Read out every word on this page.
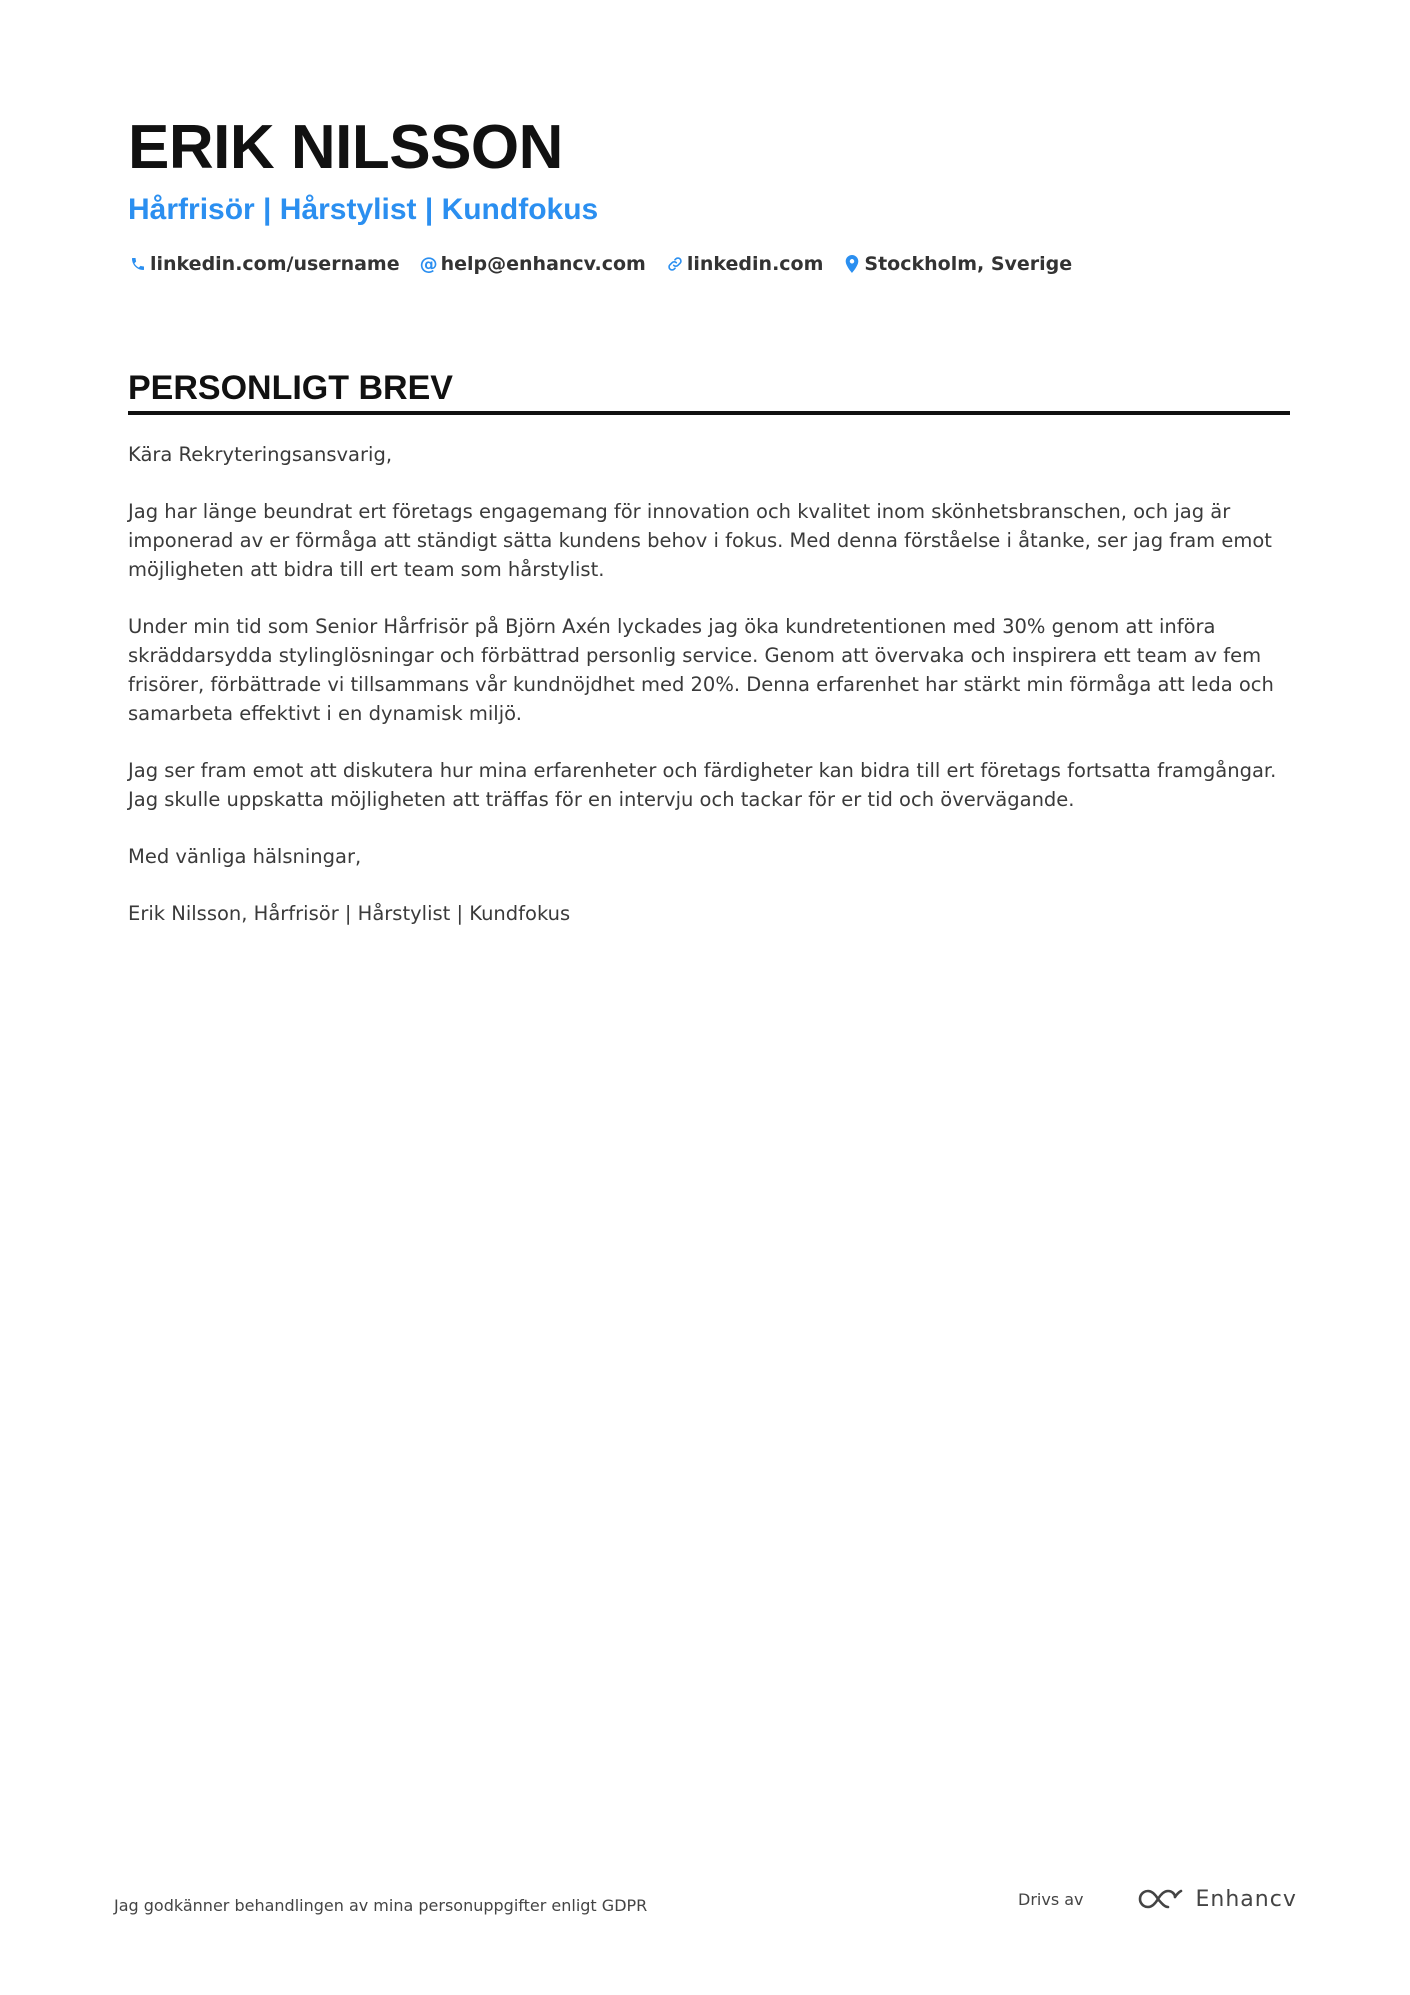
ERIK NILSSON
Hårfrisör | Hårstylist | Kundfokus
linkedin.com/username @ help@enhancv.com linkedin.com Stockholm, Sverige
PERSONLIGT BREV

Kära Rekryteringsansvarig,

Jag har länge beundrat ert företags engagemang för innovation och kvalitet inom skönhetsbranschen, och jag är imponerad av er förmåga att ständigt sätta kundens behov i fokus. Med denna förståelse i åtanke, ser jag fram emot möjligheten att bidra till ert team som hårstylist.

Under min tid som Senior Hårfrisör på Björn Axén lyckades jag öka kundretentionen med 30% genom att införa skräddarsydda stylinglösningar och förbättrad personlig service. Genom att övervaka och inspirera ett team av fem frisörer, förbättrade vi tillsammans vår kundnöjdhet med 20%. Denna erfarenhet har stärkt min förmåga att leda och samarbeta effektivt i en dynamisk miljö.

Jag ser fram emot att diskutera hur mina erfarenheter och färdigheter kan bidra till ert företags fortsatta framgångar. Jag skulle uppskatta möjligheten att träffas för en intervju och tackar för er tid och övervägande.

Med vänliga hälsningar,

Erik Nilsson, Hårfrisör | Hårstylist | Kundfokus

Jag godkänner behandlingen av mina personuppgifter enligt GDPR	Drivs av	Enhancv
